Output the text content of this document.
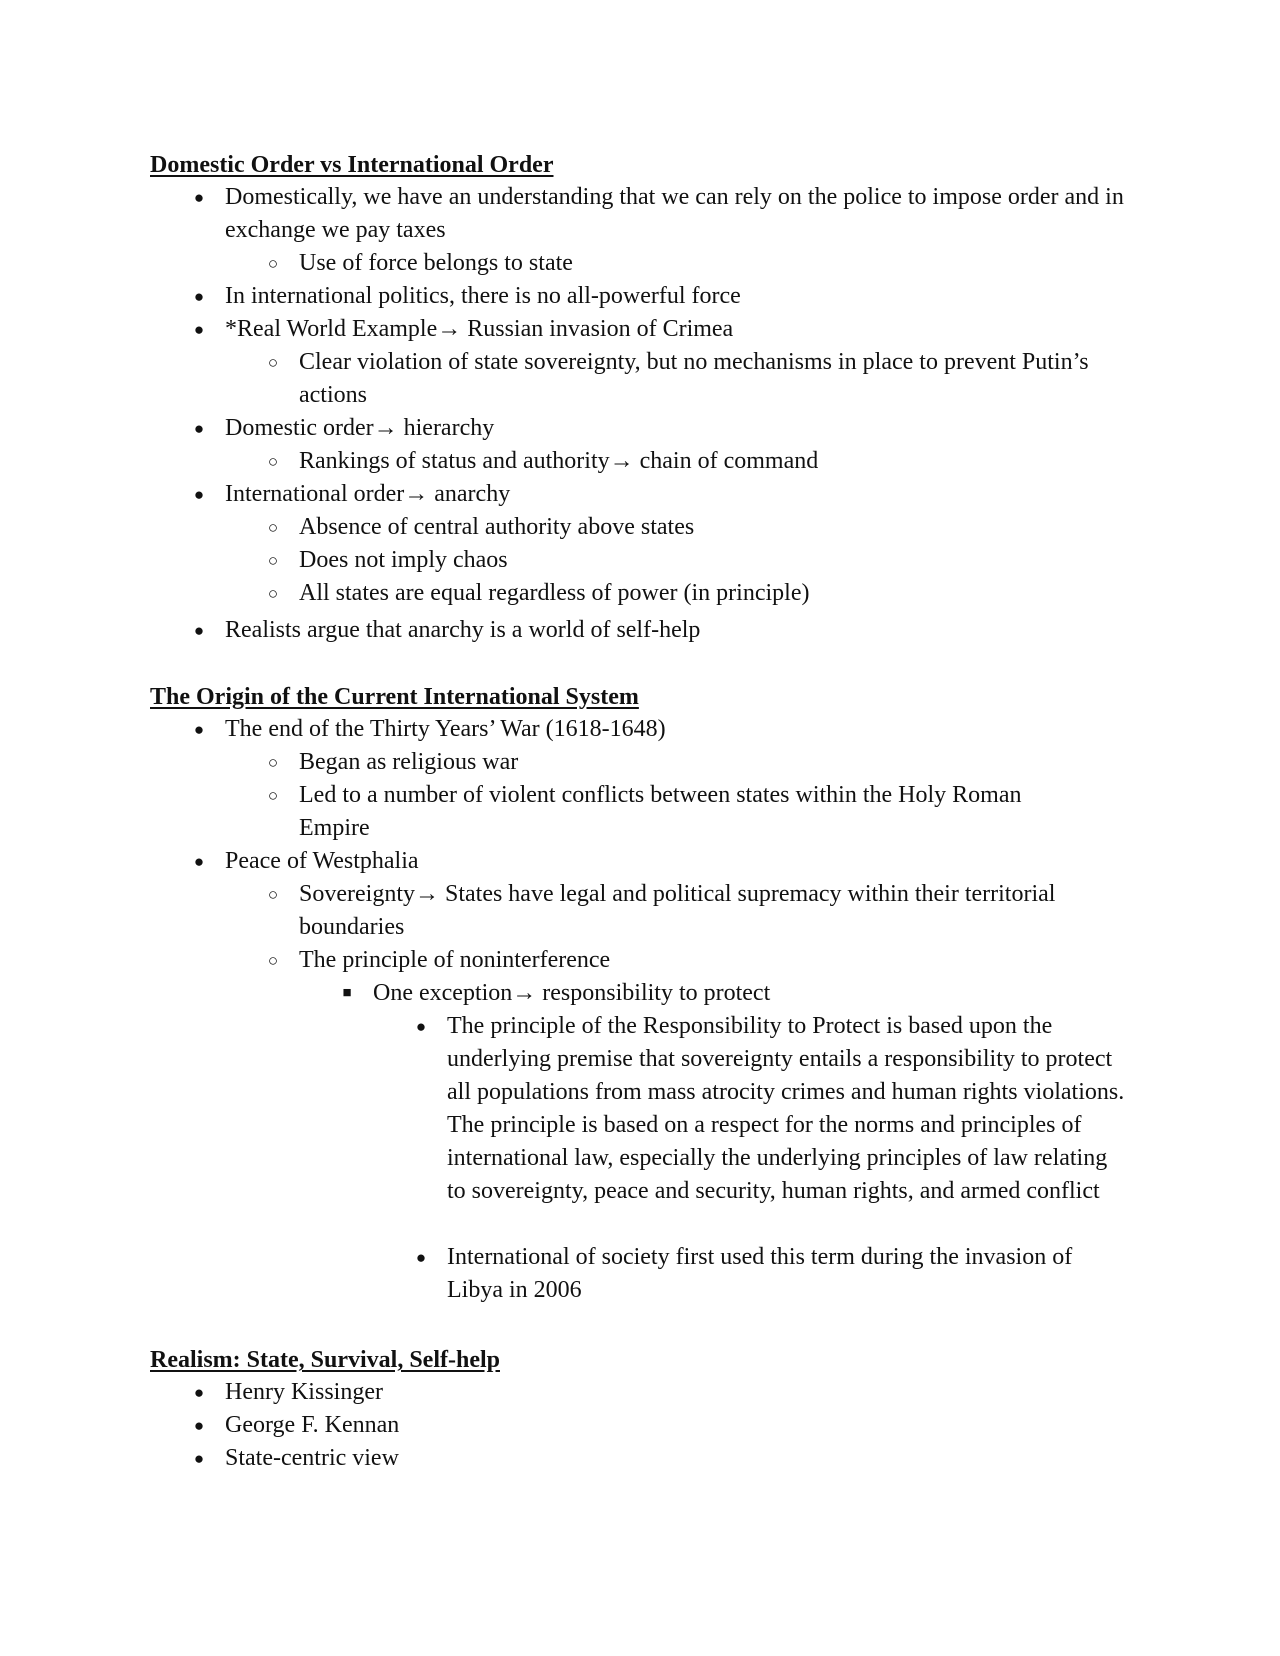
Domestic Order vs International Order
● Domestically, we have an understanding that we can rely on the police to impose order and in exchange we pay taxes
○ Use of force belongs to state
● In international politics, there is no all-powerful force
● *Real World Example→ Russian invasion of Crimea
○ Clear violation of state sovereignty, but no mechanisms in place to prevent Putin’s actions
● Domestic order→ hierarchy
○ Rankings of status and authority→ chain of command
● International order→ anarchy
○ Absence of central authority above states
○ Does not imply chaos
○ All states are equal regardless of power (in principle)
● Realists argue that anarchy is a world of self-help
The Origin of the Current International System
● The end of the Thirty Years’ War (1618-1648)
○ Began as religious war
○ Led to a number of violent conflicts between states within the Holy Roman Empire
● Peace of Westphalia
○ Sovereignty→ States have legal and political supremacy within their territorial boundaries
○ The principle of noninterference
■ One exception→ responsibility to protect
● The principle of the Responsibility to Protect is based upon the underlying premise that sovereignty entails a responsibility to protect all populations from mass atrocity crimes and human rights violations. The principle is based on a respect for the norms and principles of international law, especially the underlying principles of law relating to sovereignty, peace and security, human rights, and armed conflict
● International of society first used this term during the invasion of Libya in 2006
Realism: State, Survival, Self-help
● Henry Kissinger
● George F. Kennan
● State-centric view
